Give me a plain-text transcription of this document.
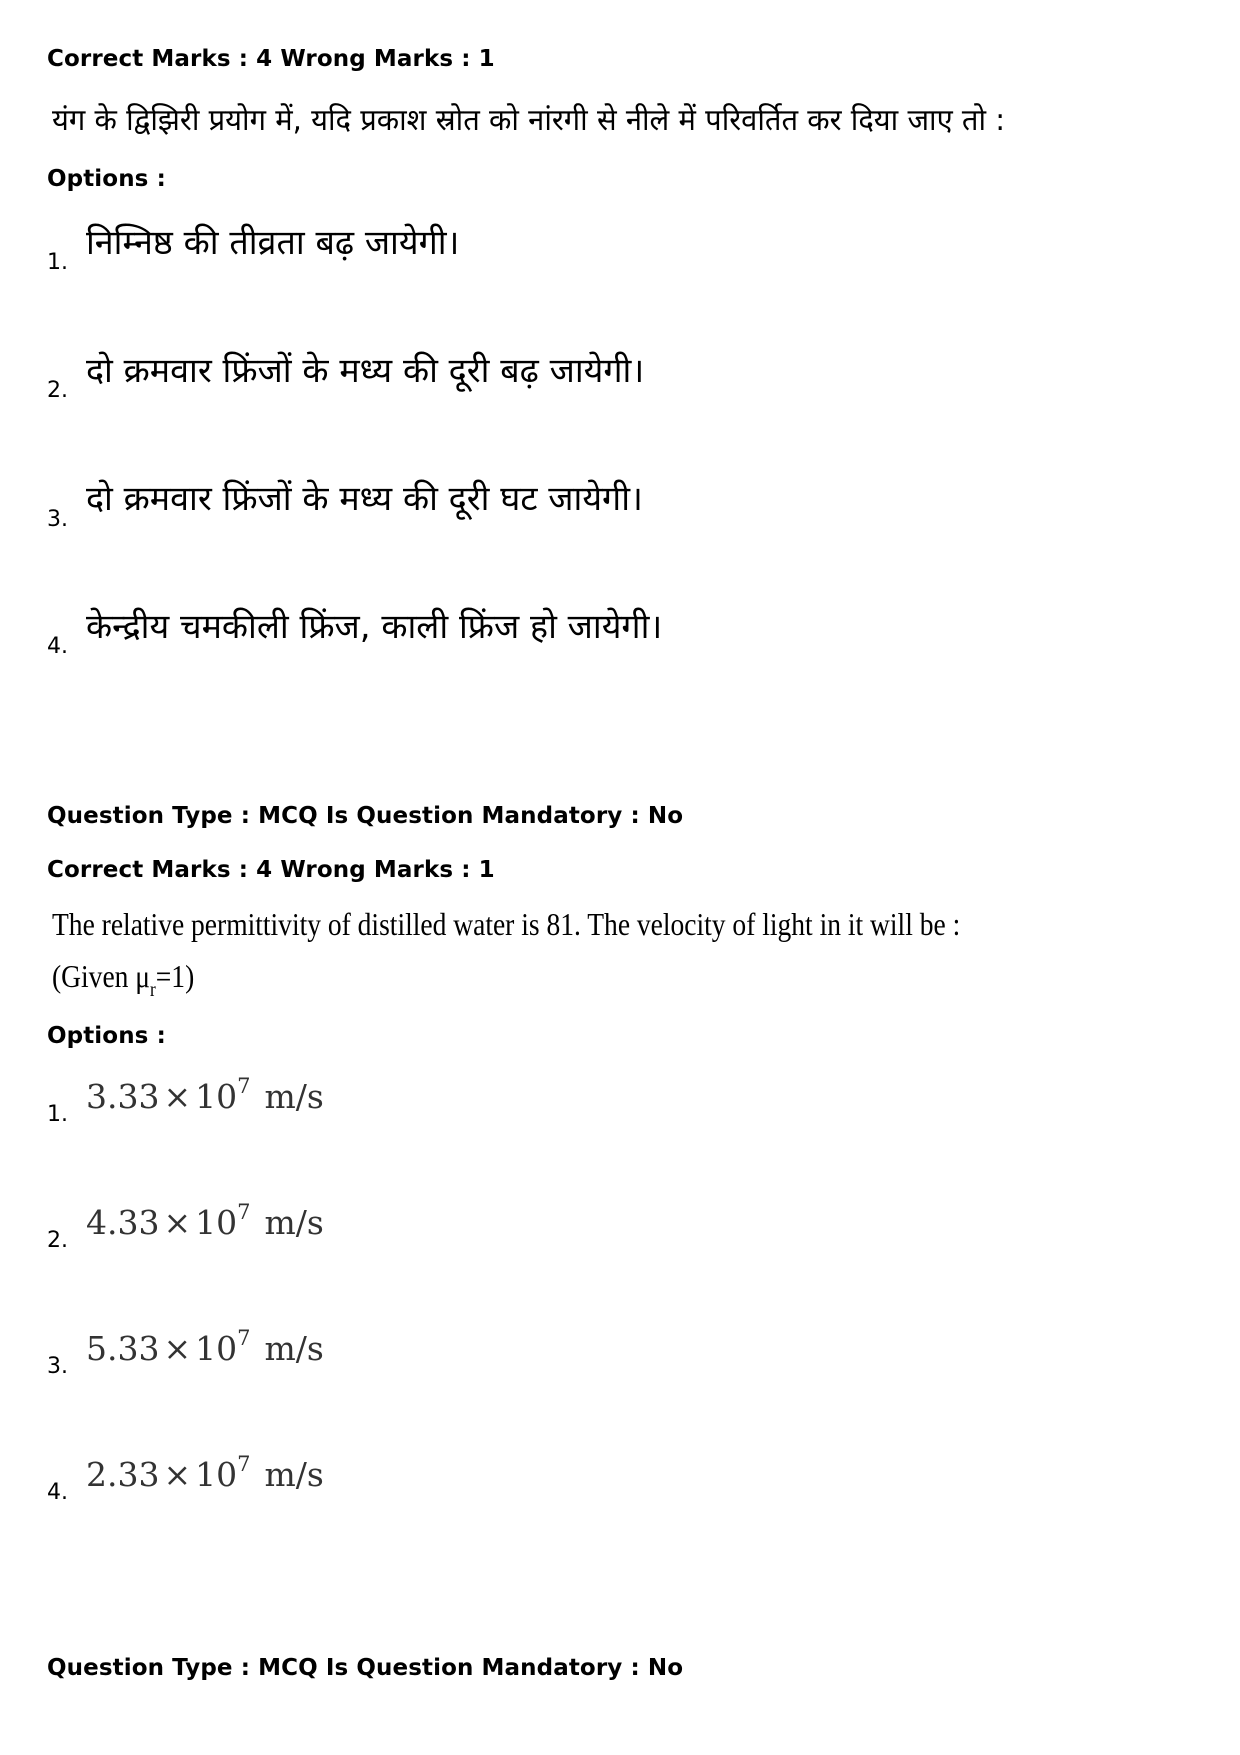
Correct Marks : 4 Wrong Marks : 1
यंग के द्विझिरी प्रयोग में, यदि प्रकाश स्रोत को नांरगी से नीले में परिवर्तित कर दिया जाए तो :
Options :
1. निम्निष्ठ की तीव्रता बढ़ जायेगी।
2. दो क्रमवार फ्रिंजों के मध्य की दूरी बढ़ जायेगी।
3.
दो क्रमवार फ्रिंजों के मध्य की दूरी घट जायेगी।
4. केन्द्रीय चमकीली फ्रिंज, काली फ्रिंज हो जायेगी।
Question Type : MCQ Is Question Mandatory : No
Correct Marks : 4 Wrong Marks : 1
The relative permittivity of distilled water is 81. The velocity of light in it will be :
(Given $\mu_r=1$)
Options :
1. $3.33 \times 10^7$ m/s
2. $4.33 \times 10^7$ m/s
3. $5.33 \times 10^7$ m/s
4. $2.33 \times 10^7$ m/s
Question Type : MCQ Is Question Mandatory : No
